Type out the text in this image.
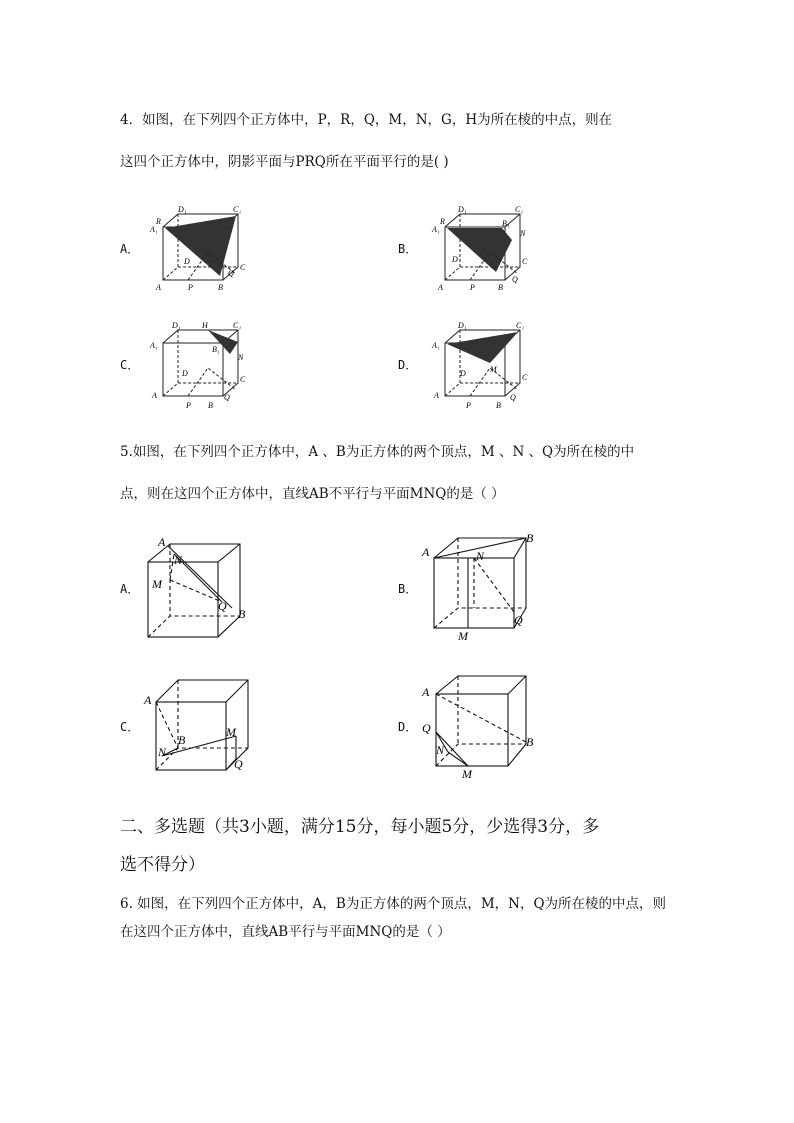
4．如图，在下列四个正方体中，P，R，Q，M，N，G，H为所在棱的中点，则在
这四个正方体中，阴影平面与PRQ所在平面平行的是( )
A．	B．
C．	D．
D₁	C₁
R
A₁
Q
A	P	B
C
D
D₁	C₁
R
A₁
B₁
N
D	C
A	P	B
Q
D₁	H	C₁
A₁	B₁
N
D
C
A
P B
Q
D₁	C₁
A₁
M
D	C
A
P	B
Q
5.如图，在下列四个正方体中，A 、B为正方体的两个顶点，M 、N 、Q为所在棱的中
点，则在这四个正方体中，直线AB不平行与平面MNQ的是（ ）
A．	B．
C．	D．
A
N
M
Q
B
A	N
B
M
Q
A
B
M
N
Q
A
Q
N
B
M
二、多选题（共3小题，满分15分，每小题5分，少选得3分，多
选不得分）
6. 如图，在下列四个正方体中，A，B为正方体的两个顶点，M，N，Q为所在棱的中点，则
在这四个正方体中，直线AB平行与平面MNQ的是（ ）
